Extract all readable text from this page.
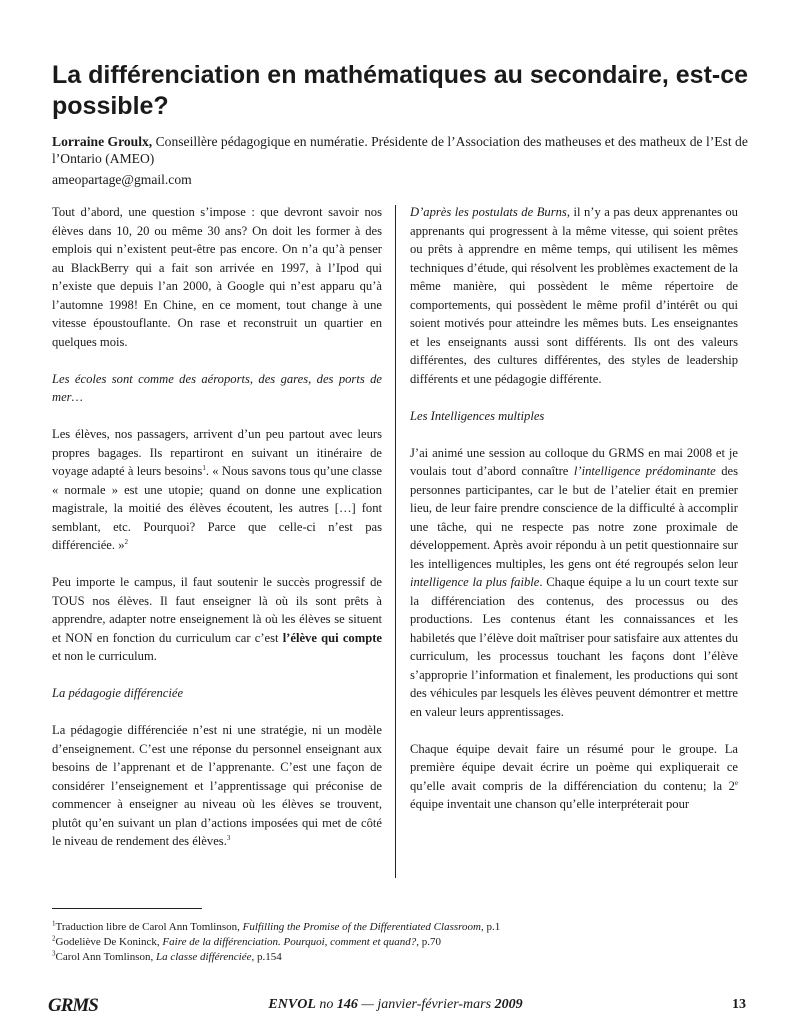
La différenciation en mathématiques au secondaire, est-ce possible?

Lorraine Groulx, Conseillère pédagogique en numératie. Présidente de l’Association des matheuses et des matheux de l’Est de l’Ontario (AMEO)

ameopartage@gmail.com

Tout d’abord, une question s’impose : que devront savoir nos élèves dans 10, 20 ou même 30 ans? On doit les former à des emplois qui n’existent peut-être pas encore. On n’a qu’à penser au BlackBerry qui a fait son arrivée en 1997, à l’Ipod qui n’existe que depuis l’an 2000, à Google qui n’est apparu qu’à l’automne 1998! En Chine, en ce moment, tout change à une vitesse époustouflante. On rase et reconstruit un quartier en quelques mois.

Les écoles sont comme des aéroports, des gares, des ports de mer…

Les élèves, nos passagers, arrivent d’un peu partout avec leurs propres bagages. Ils repartiront en suivant un itinéraire de voyage adapté à leurs besoins$^1$. « Nous savons tous qu’une classe « normale » est une utopie; quand on donne une explication magistrale, la moitié des élèves écoutent, les autres […] font semblant, etc. Pourquoi? Parce que celle-ci n’est pas différenciée. »$^2$

Peu importe le campus, il faut soutenir le succès progressif de TOUS nos élèves. Il faut enseigner là où ils sont prêts à apprendre, adapter notre enseignement là où les élèves se situent et NON en fonction du curriculum car c’est l’élève qui compte et non le curriculum.

La pédagogie différenciée

La pédagogie différenciée n’est ni une stratégie, ni un modèle d’enseignement. C’est une réponse du personnel enseignant aux besoins de l’apprenant et de l’apprenante. C’est une façon de considérer l’enseignement et l’apprentissage qui préconise de commencer à enseigner au niveau où les élèves se trouvent, plutôt qu’en suivant un plan d’actions imposées qui met de côté le niveau de rendement des élèves.$^3$

D’après les postulats de Burns, il n’y a pas deux apprenantes ou apprenants qui progressent à la même vitesse, qui soient prêtes ou prêts à apprendre en même temps, qui utilisent les mêmes techniques d’étude, qui résolvent les problèmes exactement de la même manière, qui possèdent le même répertoire de comportements, qui possèdent le même profil d’intérêt ou qui soient motivés pour atteindre les mêmes buts. Les enseignantes et les enseignants aussi sont différents. Ils ont des valeurs différentes, des cultures différentes, des styles de leadership différents et une pédagogie différente.

Les Intelligences multiples

J’ai animé une session au colloque du GRMS en mai 2008 et je voulais tout d’abord connaître l’intelligence prédominante des personnes participantes, car le but de l’atelier était en premier lieu, de leur faire prendre conscience de la difficulté à accomplir une tâche, qui ne respecte pas notre zone proximale de développement. Après avoir répondu à un petit questionnaire sur les intelligences multiples, les gens ont été regroupés selon leur intelligence la plus faible. Chaque équipe a lu un court texte sur la différenciation des contenus, des processus ou des productions. Les contenus étant les connaissances et les habiletés que l’élève doit maîtriser pour satisfaire aux attentes du curriculum, les processus touchant les façons dont l’élève s’approprie l’information et finalement, les productions qui sont des véhicules par lesquels les élèves peuvent démontrer et mettre en valeur leurs apprentissages.

Chaque équipe devait faire un résumé pour le groupe. La première équipe devait écrire un poème qui expliquerait ce qu’elle avait compris de la différenciation du contenu; la 2e équipe inventait une chanson qu’elle interpréterait pour

$^1$Traduction libre de Carol Ann Tomlinson, Fulfilling the Promise of the Differentiated Classroom, p.1
$^2$Godeliève De Koninck, Faire de la différenciation. Pourquoi, comment et quand?, p.70
$^3$Carol Ann Tomlinson, La classe différenciée, p.154
GRMS	ENVOL no 146 — janvier-février-mars 2009	13
